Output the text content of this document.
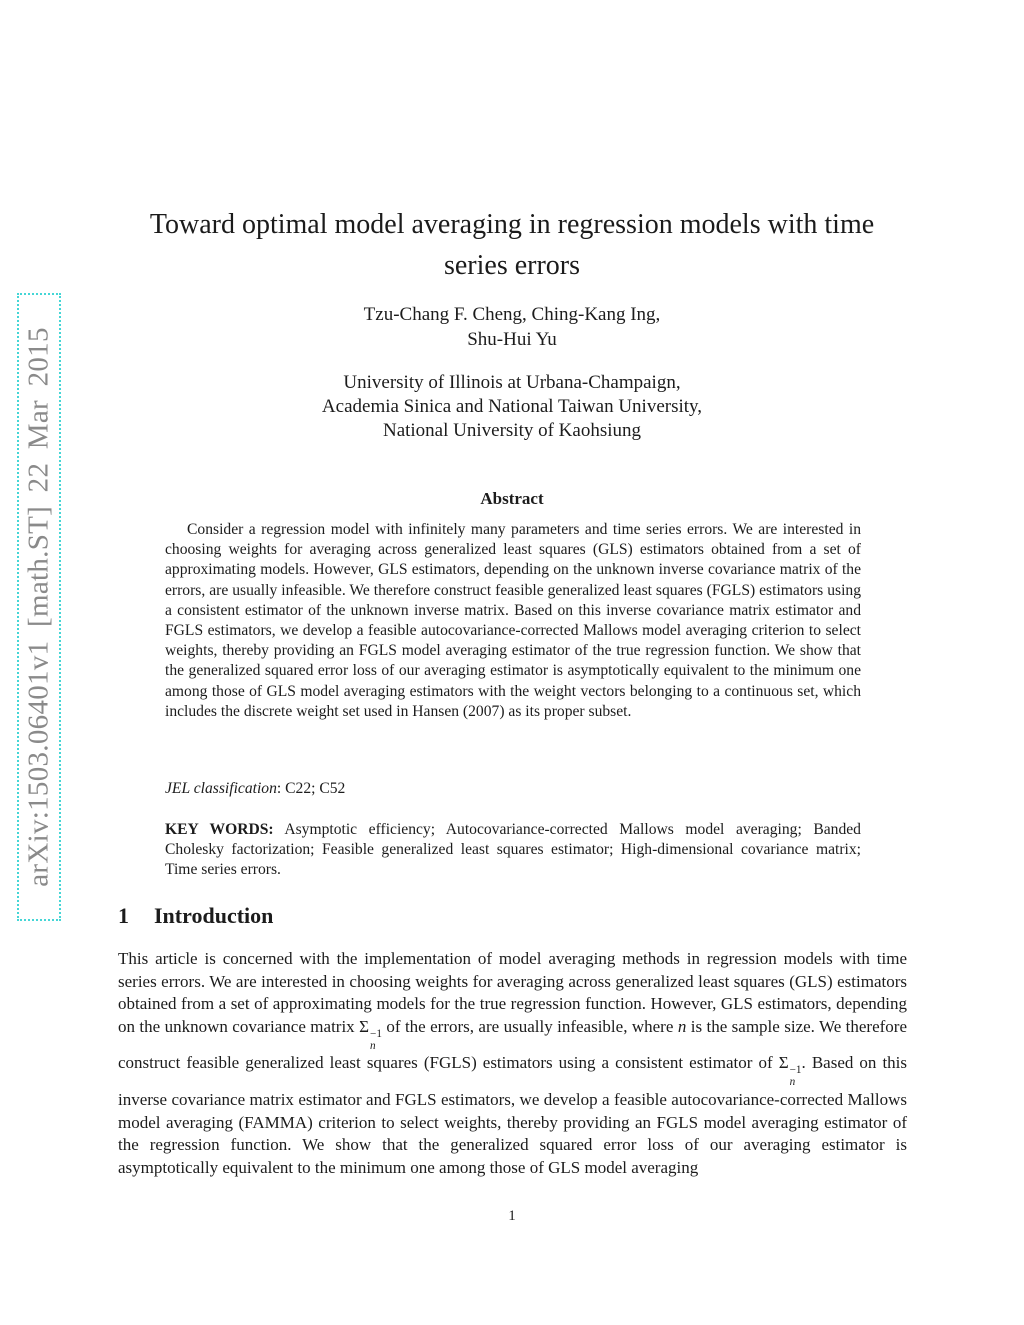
arXiv:1503.06401v1 [math.ST] 22 Mar 2015
Toward optimal model averaging in regression models with time series errors
Tzu-Chang F. Cheng, Ching-Kang Ing,
Shu-Hui Yu
University of Illinois at Urbana-Champaign,
Academia Sinica and National Taiwan University,
National University of Kaohsiung
Abstract
Consider a regression model with infinitely many parameters and time series errors. We are interested in choosing weights for averaging across generalized least squares (GLS) estimators obtained from a set of approximating models. However, GLS estimators, depending on the unknown inverse covariance matrix of the errors, are usually infeasible. We therefore construct feasible generalized least squares (FGLS) estimators using a consistent estimator of the unknown inverse matrix. Based on this inverse covariance matrix estimator and FGLS estimators, we develop a feasible autocovariance-corrected Mallows model averaging criterion to select weights, thereby providing an FGLS model averaging estimator of the true regression function. We show that the generalized squared error loss of our averaging estimator is asymptotically equivalent to the minimum one among those of GLS model averaging estimators with the weight vectors belonging to a continuous set, which includes the discrete weight set used in Hansen (2007) as its proper subset.
JEL classification: C22; C52
KEY WORDS: Asymptotic efficiency; Autocovariance-corrected Mallows model averaging; Banded Cholesky factorization; Feasible generalized least squares estimator; High-dimensional covariance matrix; Time series errors.
1 Introduction
This article is concerned with the implementation of model averaging methods in regression models with time series errors. We are interested in choosing weights for averaging across generalized least squares (GLS) estimators obtained from a set of approximating models for the true regression function. However, GLS estimators, depending on the unknown covariance matrix Σ −1
n
of the errors, are usually infeasible, where n is the sample size. We therefore construct feasible generalized least squares (FGLS) estimators using a consistent estimator of Σ −1
n
. Based on this inverse covariance matrix estimator and FGLS estimators, we develop a feasible autocovariance-corrected Mallows model averaging (FAMMA) criterion to select weights, thereby providing an FGLS model averaging estimator of the regression function. We show that the generalized squared error loss of our averaging estimator is asymptotically equivalent to the minimum one among those of GLS model averaging
1
